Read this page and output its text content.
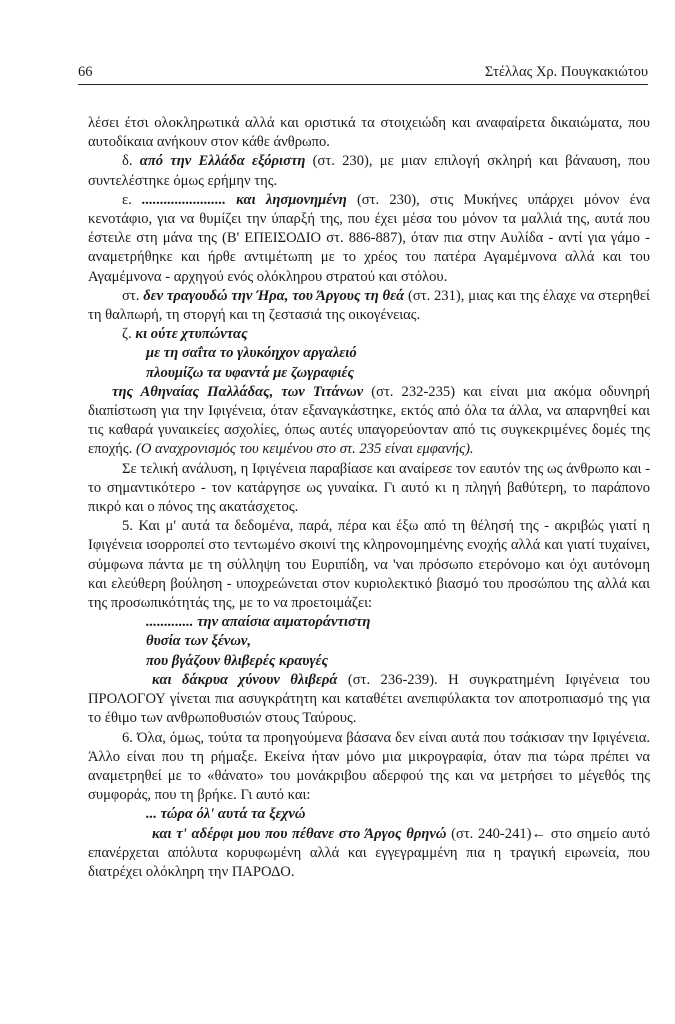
66	Στέλλας Χρ. Πουγκακιώτου

λέσει έτσι ολοκληρωτικά αλλά και οριστικά τα στοιχειώδη και αναφαίρετα δικαιώματα, που αυτοδίκαια ανήκουν στον κάθε άνθρωπο.

δ. από την Ελλάδα εξόριστη (στ. 230), με μιαν επιλογή σκληρή και βάναυση, που συντελέστηκε όμως ερήμην της.

ε. ....................... και λησμονημένη (στ. 230), στις Μυκήνες υπάρχει μόνον ένα κενοτάφιο, για να θυμίζει την ύπαρξή της, που έχει μέσα του μόνον τα μαλλιά της, αυτά που έστειλε στη μάνα της (Β' ΕΠΕΙΣΟΔΙΟ στ. 886-887), όταν πια στην Αυλίδα - αντί για γάμο - αναμετρήθηκε και ήρθε αντιμέτωπη με το χρέος του πατέρα Αγαμέμνονα αλλά και του Αγαμέμνονα - αρχηγού ενός ολόκληρου στρατού και στόλου.

στ. δεν τραγουδώ την Ήρα, του Άργους τη θεά (στ. 231), μιας και της έλαχε να στερηθεί τη θαλπωρή, τη στοργή και τη ζεστασιά της οικογένειας.

ζ. κι ούτε χτυπώντας
με τη σαΐτα το γλυκόηχον αργαλειό
πλουμίζω τα υφαντά με ζωγραφιές
της Αθηναίας Παλλάδας, των Τιτάνων (στ. 232-235) και είναι μια ακόμα οδυνηρή διαπίστωση για την Ιφιγένεια, όταν εξαναγκάστηκε, εκτός από όλα τα άλλα, να απαρνηθεί και τις καθαρά γυναικείες ασχολίες, όπως αυτές υπαγορεύονταν από τις συγκεκριμένες δομές της εποχής. (Ο αναχρονισμός του κειμένου στο στ. 235 είναι εμφανής).

Σε τελική ανάλυση, η Ιφιγένεια παραβίασε και αναίρεσε τον εαυτόν της ως άνθρωπο και - το σημαντικότερο - τον κατάργησε ως γυναίκα. Γι αυτό κι η πληγή βαθύτερη, το παράπονο πικρό και ο πόνος της ακατάσχετος.

5. Και μ' αυτά τα δεδομένα, παρά, πέρα και έξω από τη θέλησή της - ακριβώς γιατί η Ιφιγένεια ισορροπεί στο τεντωμένο σκοινί της κληρονομημένης ενοχής αλλά και γιατί τυχαίνει, σύμφωνα πάντα με τη σύλληψη του Ευριπίδη, να 'ναι πρόσωπο ετερόνομο και όχι αυτόνομη και ελεύθερη βούληση - υποχρεώνεται στον κυριολεκτικό βιασμό του προσώπου της αλλά και της προσωπικότητάς της, με το να προετοιμάζει:

............. την απαίσια αιματοράντιστη
θυσία των ξένων,
που βγάζουν θλιβερές κραυγές
και δάκρυα χύνουν θλιβερά (στ. 236-239). Η συγκρατημένη Ιφιγένεια του ΠΡΟΛΟΓΟΥ γίνεται πια ασυγκράτητη και καταθέτει ανεπιφύλακτα τον αποτροπιασμό της για το έθιμο των ανθρωποθυσιών στους Ταύρους.

6. Όλα, όμως, τούτα τα προηγούμενα βάσανα δεν είναι αυτά που τσάκισαν την Ιφιγένεια. Άλλο είναι που τη ρήμαξε. Εκείνα ήταν μόνο μια μικρογραφία, όταν πια τώρα πρέπει να αναμετρηθεί με το «θάνατο» του μονάκριβου αδερφού της και να μετρήσει το μέγεθός της συμφοράς, που τη βρήκε. Γι αυτό και:

... τώρα όλ' αυτά τα ξεχνώ
και τ' αδέρφι μου που πέθανε στο Άργος θρηνώ (στ. 240-241)← στο σημείο αυτό επανέρχεται απόλυτα κορυφωμένη αλλά και εγγεγραμμένη πια η τραγική ειρωνεία, που διατρέχει ολόκληρη την ΠΑΡΟΔΟ.
